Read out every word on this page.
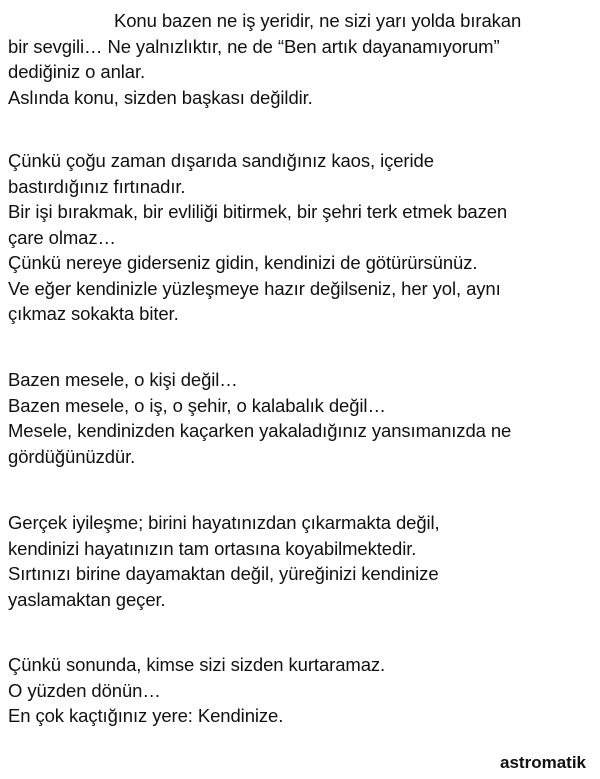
Konu bazen ne iş yeridir, ne sizi yarı yolda bırakan
bir sevgili… Ne yalnızlıktır, ne de “Ben artık dayanamıyorum”
dediğiniz o anlar.
Aslında konu, sizden başkası değildir.
Çünkü çoğu zaman dışarıda sandığınız kaos, içeride
bastırdığınız fırtınadır.
Bir işi bırakmak, bir evliliği bitirmek, bir şehri terk etmek bazen
çare olmaz…
Çünkü nereye giderseniz gidin, kendinizi de götürürsünüz.
Ve eğer kendinizle yüzleşmeye hazır değilseniz, her yol, aynı
çıkmaz sokakta biter.
Bazen mesele, o kişi değil…
Bazen mesele, o iş, o şehir, o kalabalık değil…
Mesele, kendinizden kaçarken yakaladığınız yansımanızda ne
gördüğünüzdür.
Gerçek iyileşme; birini hayatınızdan çıkarmakta değil,
kendinizi hayatınızın tam ortasına koyabilmektedir.
Sırtınızı birine dayamaktan değil, yüreğinizi kendinize
yaslamaktan geçer.
Çünkü sonunda, kimse sizi sizden kurtaramaz.
O yüzden dönün…
En çok kaçtığınız yere: Kendinize.
astromatik
